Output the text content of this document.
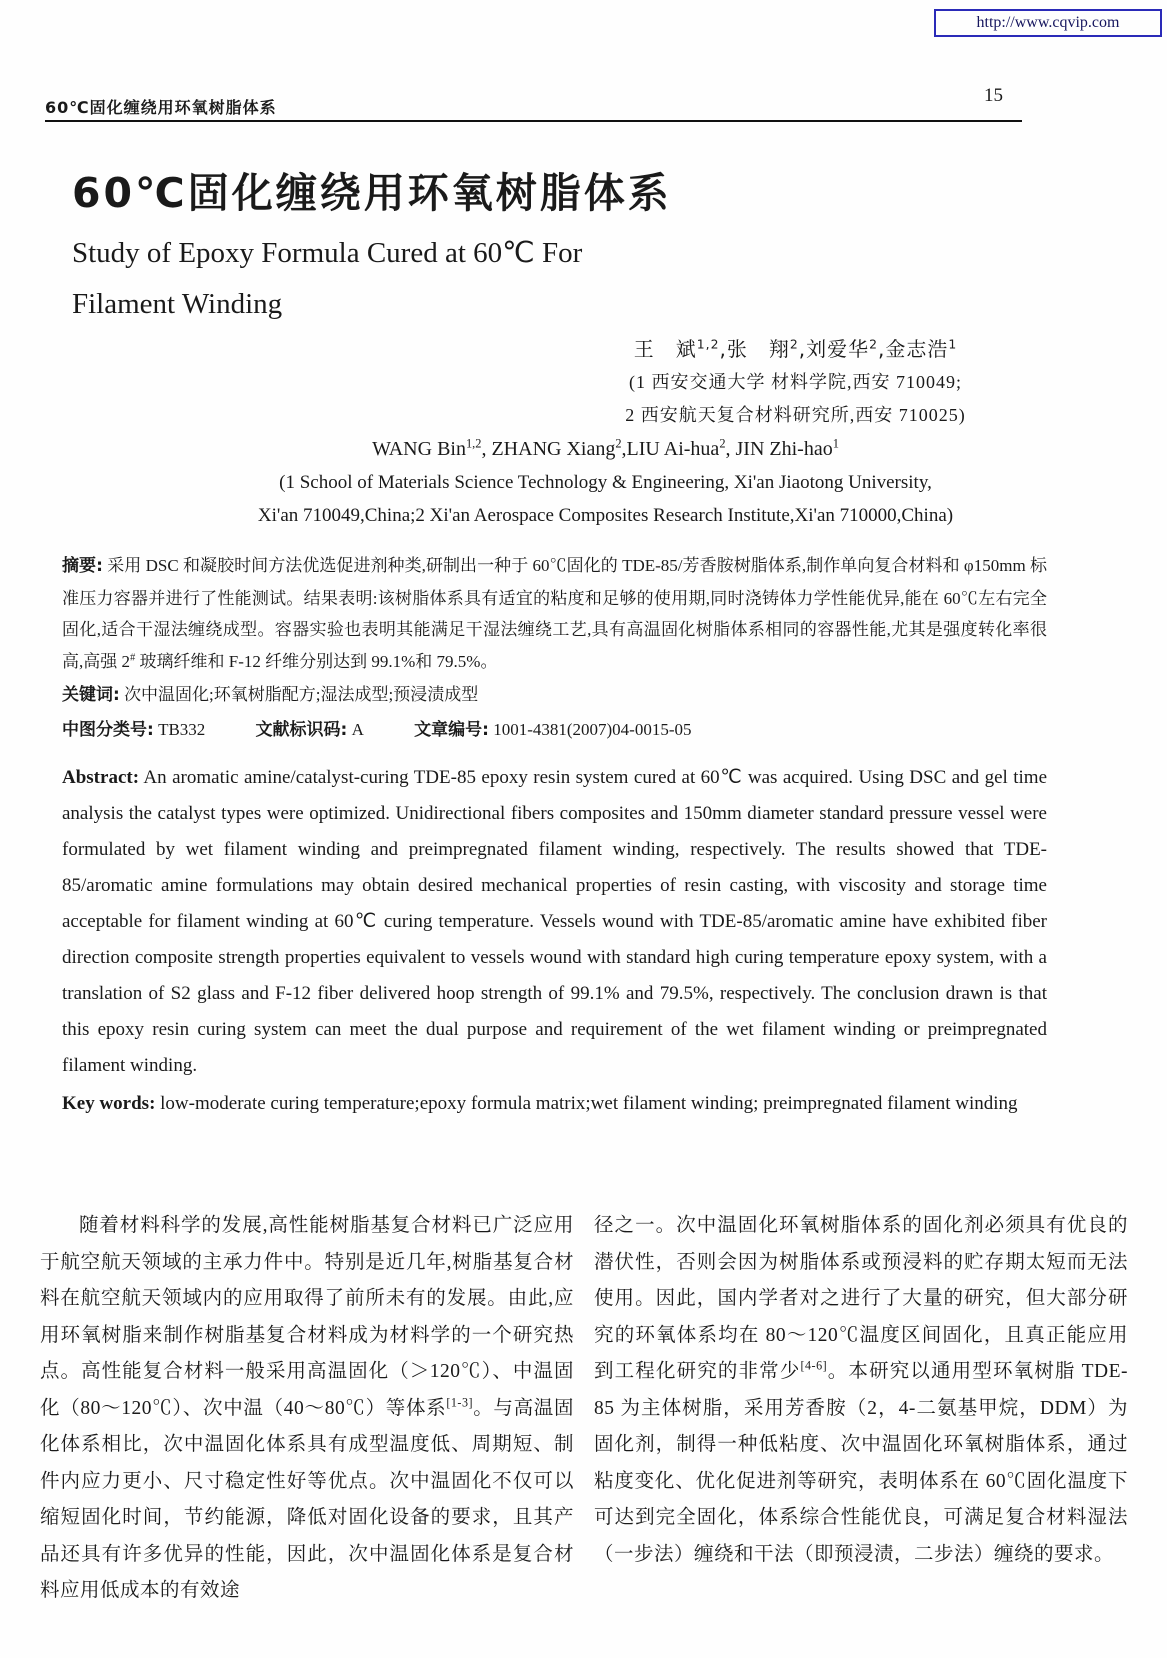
http://www.cqvip.com
60℃固化缠绕用环氧树脂体系
15
60℃固化缠绕用环氧树脂体系
Study of Epoxy Formula Cured at 60℃ For
Filament Winding
王　斌$^{1,2}$,张　翔$^2$,刘爱华$^2$,金志浩$^1$
(1 西安交通大学 材料学院,西安 710049;
2 西安航天复合材料研究所,西安 710025)
WANG Bin$^{1,2}$, ZHANG Xiang$^2$,LIU Ai-hua$^2$, JIN Zhi-hao$^1$
(1 School of Materials Science Technology & Engineering, Xi'an Jiaotong University,
Xi'an 710049,China;2 Xi'an Aerospace Composites Research Institute,Xi'an 710000,China)
摘要: 采用 DSC 和凝胶时间方法优选促进剂种类,研制出一种于 60℃固化的 TDE-85/芳香胺树脂体系,制作单向复合材料和 φ150mm 标准压力容器并进行了性能测试。结果表明:该树脂体系具有适宜的粘度和足够的使用期,同时浇铸体力学性能优异,能在 60℃左右完全固化,适合干湿法缠绕成型。容器实验也表明其能满足干湿法缠绕工艺,具有高温固化树脂体系相同的容器性能,尤其是强度转化率很高,高强 2# 玻璃纤维和 F-12 纤维分别达到 99.1%和 79.5%。
关键词: 次中温固化;环氧树脂配方;湿法成型;预浸渍成型
中图分类号: TB332	文献标识码: A	文章编号: 1001-4381(2007)04-0015-05
Abstract: An aromatic amine/catalyst-curing TDE-85 epoxy resin system cured at 60℃ was acquired. Using DSC and gel time analysis the catalyst types were optimized. Unidirectional fibers composites and 150mm diameter standard pressure vessel were formulated by wet filament winding and preimpregnated filament winding, respectively. The results showed that TDE-85/aromatic amine formulations may obtain desired mechanical properties of resin casting, with viscosity and storage time acceptable for filament winding at 60℃ curing temperature. Vessels wound with TDE-85/aromatic amine have exhibited fiber direction composite strength properties equivalent to vessels wound with standard high curing temperature epoxy system, with a translation of S2 glass and F-12 fiber delivered hoop strength of 99.1% and 79.5%, respectively. The conclusion drawn is that this epoxy resin curing system can meet the dual purpose and requirement of the wet filament winding or preimpregnated filament winding.
Key words: low-moderate curing temperature;epoxy formula matrix;wet filament winding; preimpregnated filament winding

随着材料科学的发展,高性能树脂基复合材料已广泛应用于航空航天领域的主承力件中。特别是近几年,树脂基复合材料在航空航天领域内的应用取得了前所未有的发展。由此,应用环氧树脂来制作树脂基复合材料成为材料学的一个研究热点。高性能复合材料一般采用高温固化（＞120℃）、中温固化（80～120℃）、次中温（40～80℃）等体系[1-3]。与高温固化体系相比，次中温固化体系具有成型温度低、周期短、制件内应力更小、尺寸稳定性好等优点。次中温固化不仅可以缩短固化时间，节约能源，降低对固化设备的要求，且其产品还具有许多优异的性能，因此，次中温固化体系是复合材料应用低成本的有效途

径之一。次中温固化环氧树脂体系的固化剂必须具有优良的潜伏性，否则会因为树脂体系或预浸料的贮存期太短而无法使用。因此，国内学者对之进行了大量的研究，但大部分研究的环氧体系均在 80～120℃温度区间固化，且真正能应用到工程化研究的非常少[4-6]。本研究以通用型环氧树脂 TDE-85 为主体树脂，采用芳香胺（2，4-二氨基甲烷，DDM）为固化剂，制得一种低粘度、次中温固化环氧树脂体系，通过粘度变化、优化促进剂等研究，表明体系在 60℃固化温度下可达到完全固化，体系综合性能优良，可满足复合材料湿法（一步法）缠绕和干法（即预浸渍，二步法）缠绕的要求。
